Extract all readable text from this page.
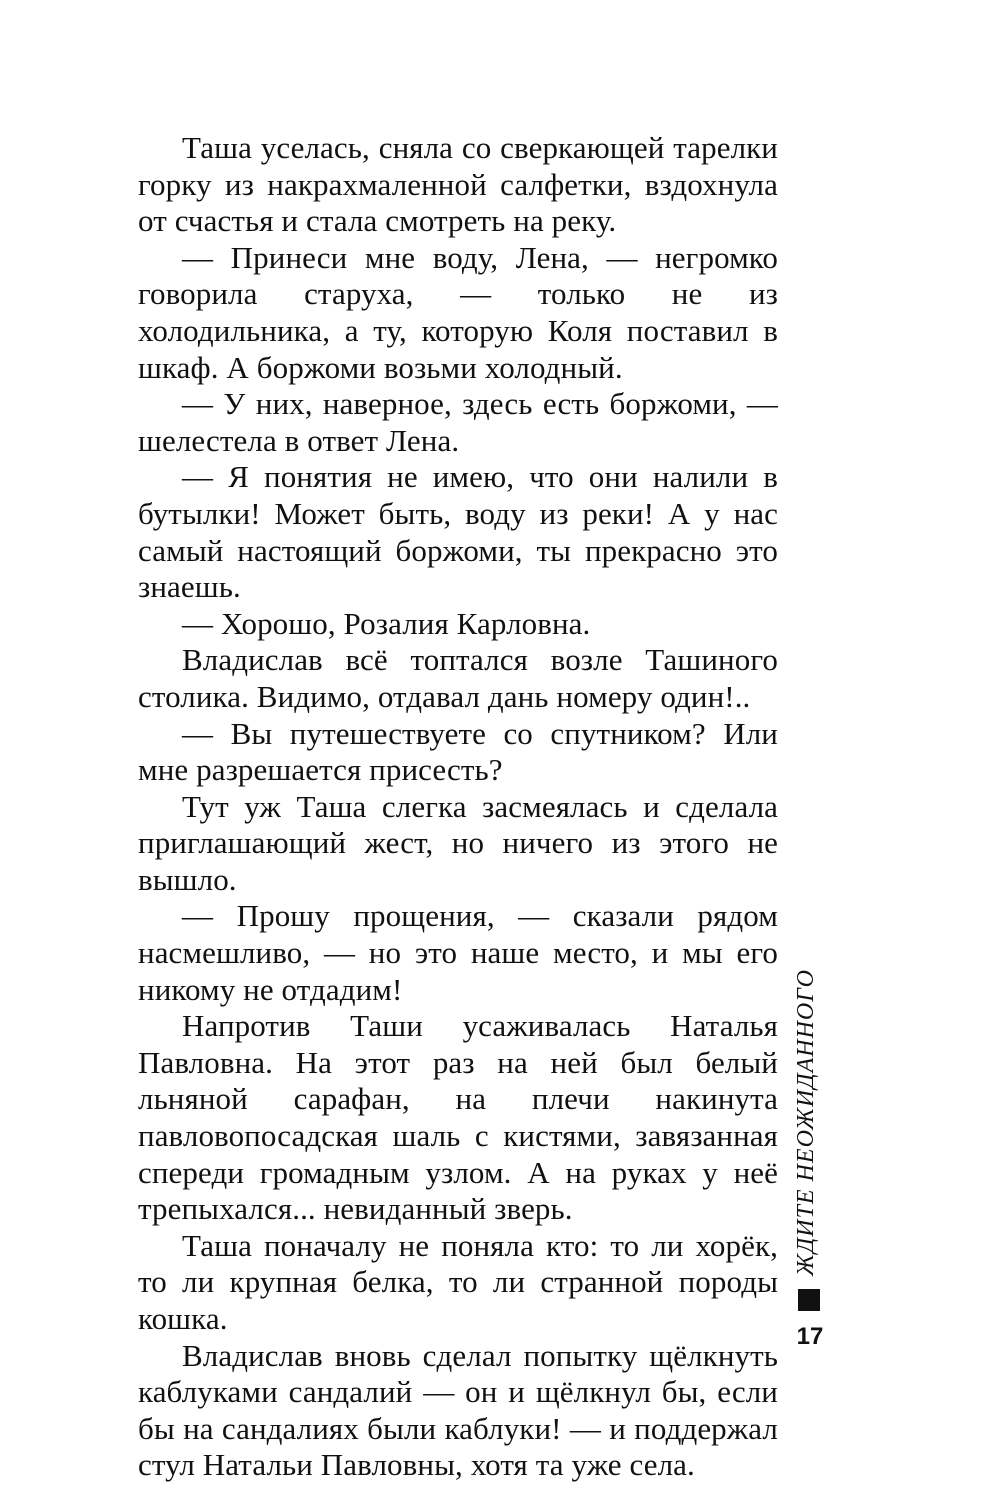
Таша уселась, сняла со сверкающей тарелки горку из накрахмаленной салфетки, вздохнула от счастья и стала смотреть на реку.

— Принеси мне воду, Лена, — негромко говорила старуха, — только не из холодильника, а ту, которую Коля поставил в шкаф. А боржоми возьми холодный.

— У них, наверное, здесь есть боржоми, — шелестела в ответ Лена.

— Я понятия не имею, что они налили в бутылки! Может быть, воду из реки! А у нас самый настоящий боржоми, ты прекрасно это знаешь.

— Хорошо, Розалия Карловна.

Владислав всё топтался возле Ташиного столика. Видимо, отдавал дань номеру один!..

— Вы путешествуете со спутником? Или мне разрешается присесть?

Тут уж Таша слегка засмеялась и сделала приглашающий жест, но ничего из этого не вышло.

— Прошу прощения, — сказали рядом насмешливо, — но это наше место, и мы его никому не отдадим!

Напротив Таши усаживалась Наталья Павловна. На этот раз на ней был белый льняной сарафан, на плечи накинута павловопосадская шаль с кистями, завязанная спереди громадным узлом. А на руках у неё трепыхался... невиданный зверь.

Таша поначалу не поняла кто: то ли хорёк, то ли крупная белка, то ли странной породы кошка.

Владислав вновь сделал попытку щёлкнуть каблуками сандалий — он и щёлкнул бы, если бы на сандалиях были каблуки! — и поддержал стул Натальи Павловны, хотя та уже села.

ЖДИТЕ НЕОЖИДАННОГО
17
